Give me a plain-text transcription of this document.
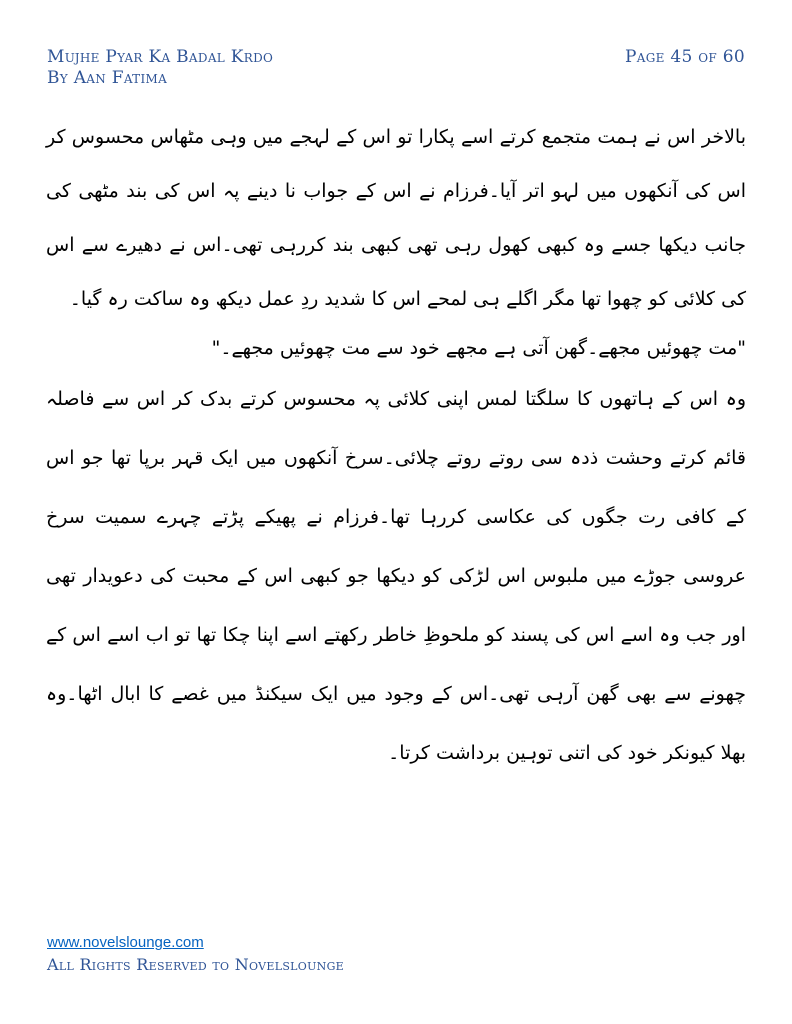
Mujhe Pyar Ka Badal Krdo
By Aan Fatima
Page 45 of 60

بالاخر اس نے ہمت متجمع کرتے اسے پکارا تو اس کے لہجے میں وہی مٹھاس محسوس کر اس کی آنکھوں میں لہو اتر آیا۔فرزام نے اس کے جواب نا دینے پہ اس کی بند مٹھی کی جانب دیکھا جسے وہ کبھی کھول رہی تھی کبھی بند کررہی تھی۔اس نے دھیرے سے اس کی کلائی کو چھوا تھا مگر اگلے ہی لمحے اس کا شدید ردِ عمل دیکھ وہ ساکت رہ گیا۔

"مت چھوئیں مجھے۔گھن آتی ہے مجھے خود سے مت چھوئیں مجھے۔"

وہ اس کے ہاتھوں کا سلگتا لمس اپنی کلائی پہ محسوس کرتے بدک کر اس سے فاصلہ قائم کرتے وحشت ذدہ سی روتے روتے چلائی۔سرخ آنکھوں میں ایک قہر برپا تھا جو اس کے کافی رت جگوں کی عکاسی کررہا تھا۔فرزام نے پھیکے پڑتے چہرے سمیت سرخ عروسی جوڑے میں ملبوس اس لڑکی کو دیکھا جو کبھی اس کے محبت کی دعویدار تھی اور جب وہ اسے اس کی پسند کو ملحوظِ خاطر رکھتے اسے اپنا چکا تھا تو اب اسے اس کے چھونے سے بھی گھن آرہی تھی۔اس کے وجود میں ایک سیکنڈ میں غصے کا ابال اٹھا۔وہ بھلا کیونکر خود کی اتنی توہین برداشت کرتا۔

www.novelslounge.com
All Rights Reserved to Novelslounge
